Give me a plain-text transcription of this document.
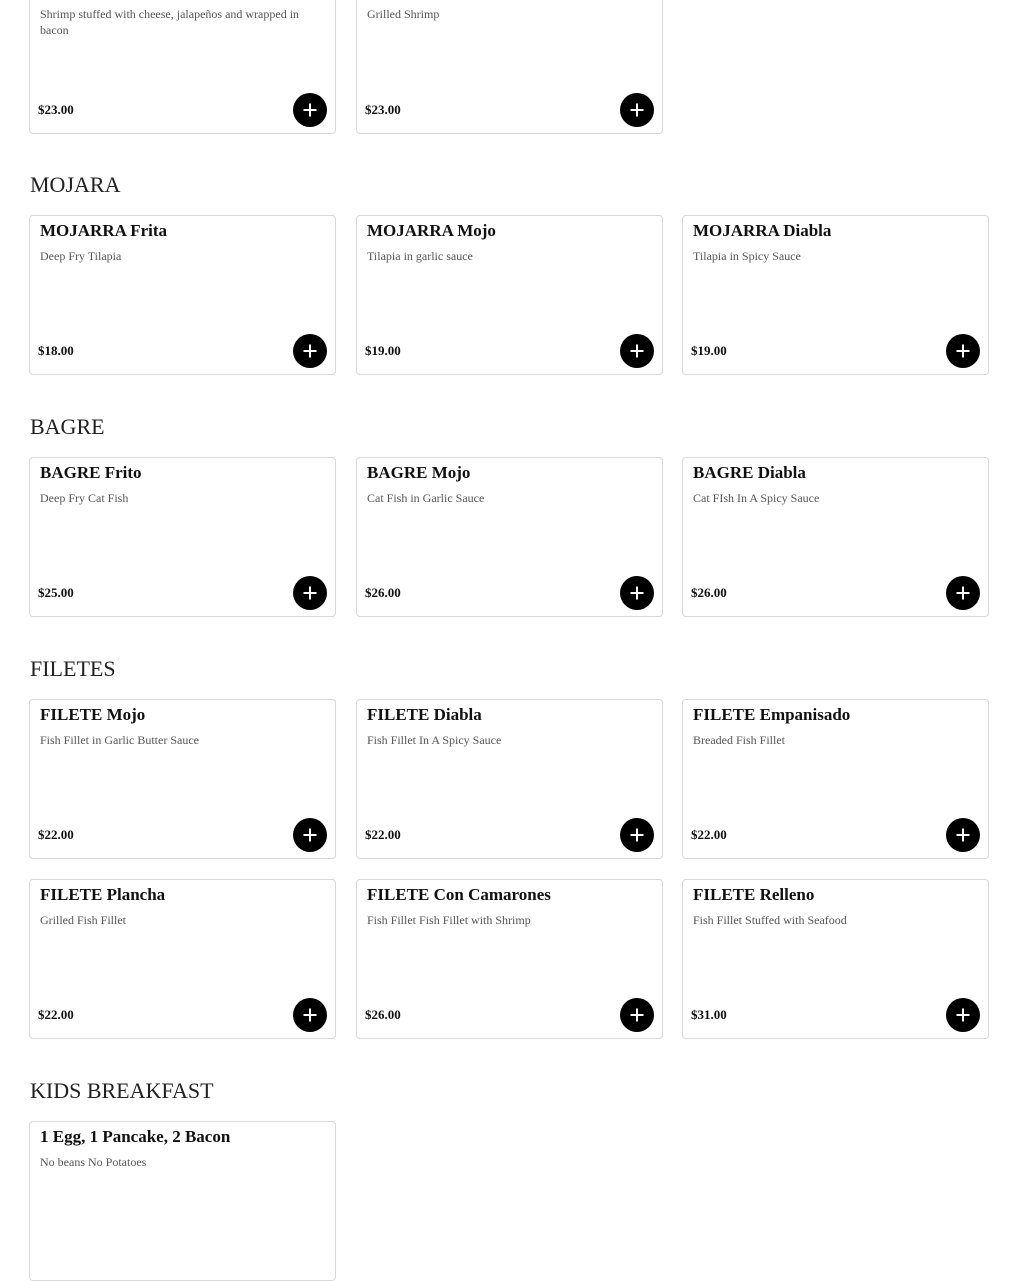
Shrimp stuffed with cheese, jalapeños and wrapped in bacon
$23.00
Grilled Shrimp
$23.00
MOJARA
MOJARRA Frita
Deep Fry Tilapia
$18.00
MOJARRA Mojo
Tilapia in garlic sauce
$19.00
MOJARRA Diabla
Tilapia in Spicy Sauce
$19.00
BAGRE
BAGRE Frito
Deep Fry Cat Fish
$25.00
BAGRE Mojo
Cat Fish in Garlic Sauce
$26.00
BAGRE Diabla
Cat FIsh In A Spicy Sauce
$26.00
FILETES
FILETE Mojo
Fish Fillet in Garlic Butter Sauce
$22.00
FILETE Diabla
Fish Fillet In A Spicy Sauce
$22.00
FILETE Empanisado
Breaded Fish Fillet
$22.00
FILETE Plancha
Grilled Fish Fillet
$22.00
FILETE Con Camarones
Fish Fillet Fish Fillet with Shrimp
$26.00
FILETE Relleno
Fish Fillet Stuffed with Seafood
$31.00
KIDS BREAKFAST
1 Egg, 1 Pancake, 2 Bacon
No beans No Potatoes
